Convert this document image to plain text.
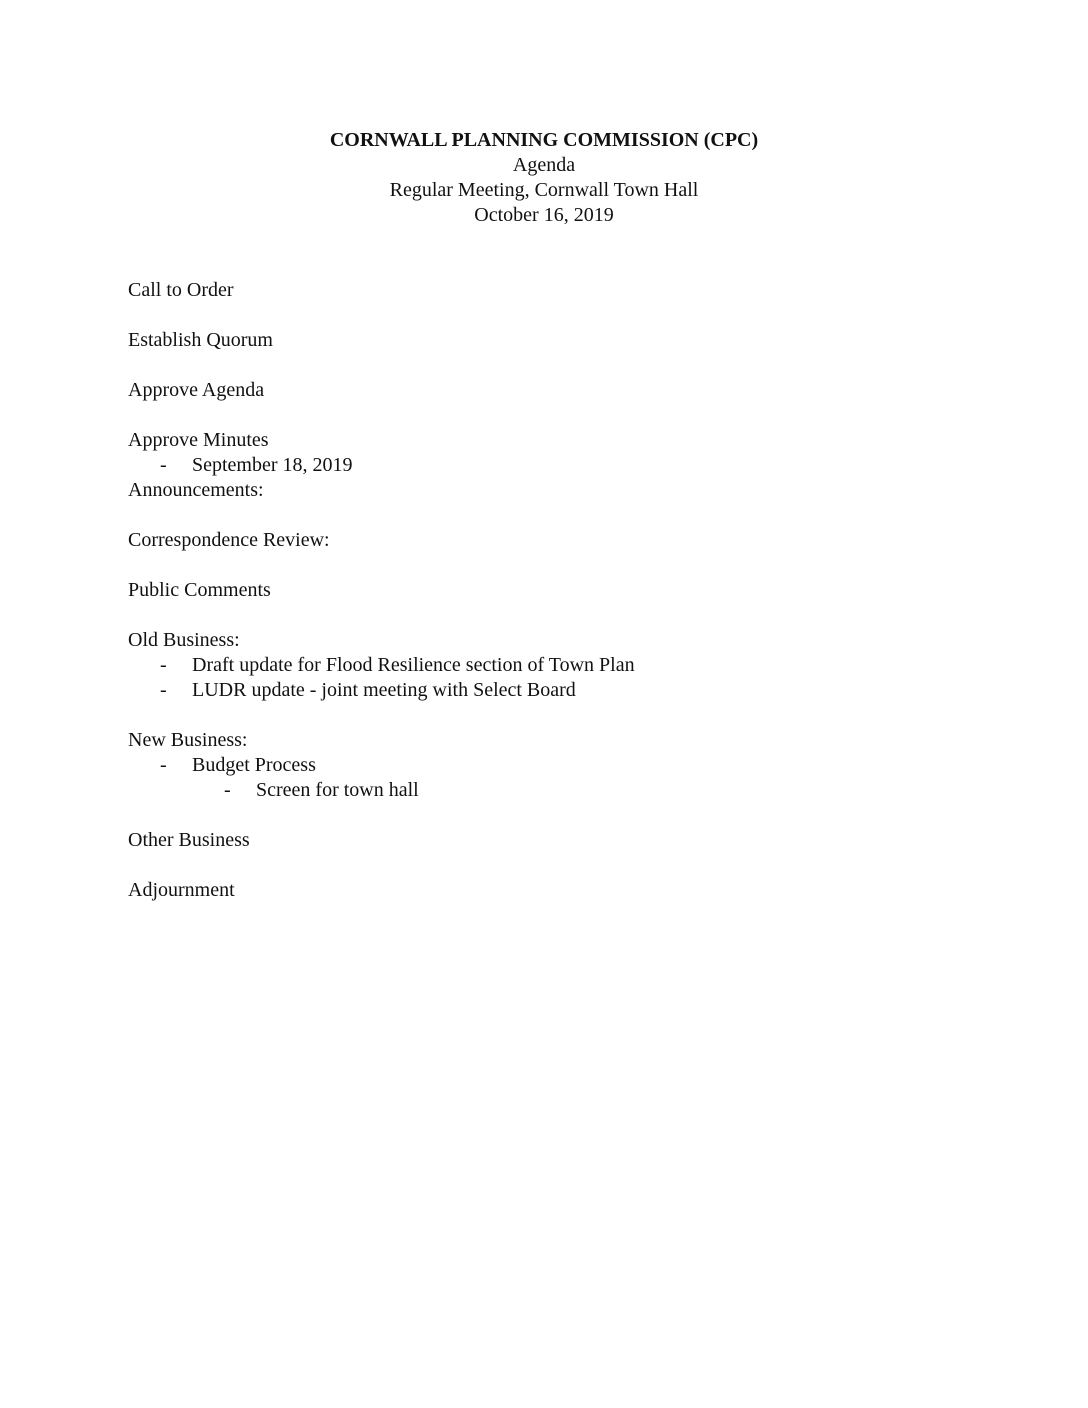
CORNWALL PLANNING COMMISSION (CPC)
Agenda
Regular Meeting, Cornwall Town Hall
October 16, 2019
Call to Order
Establish Quorum
Approve Agenda
Approve Minutes
- September 18, 2019
Announcements:
Correspondence Review:
Public Comments
Old Business:
- Draft update for Flood Resilience section of Town Plan
- LUDR update - joint meeting with Select Board
New Business:
- Budget Process
- Screen for town hall
Other Business
Adjournment
